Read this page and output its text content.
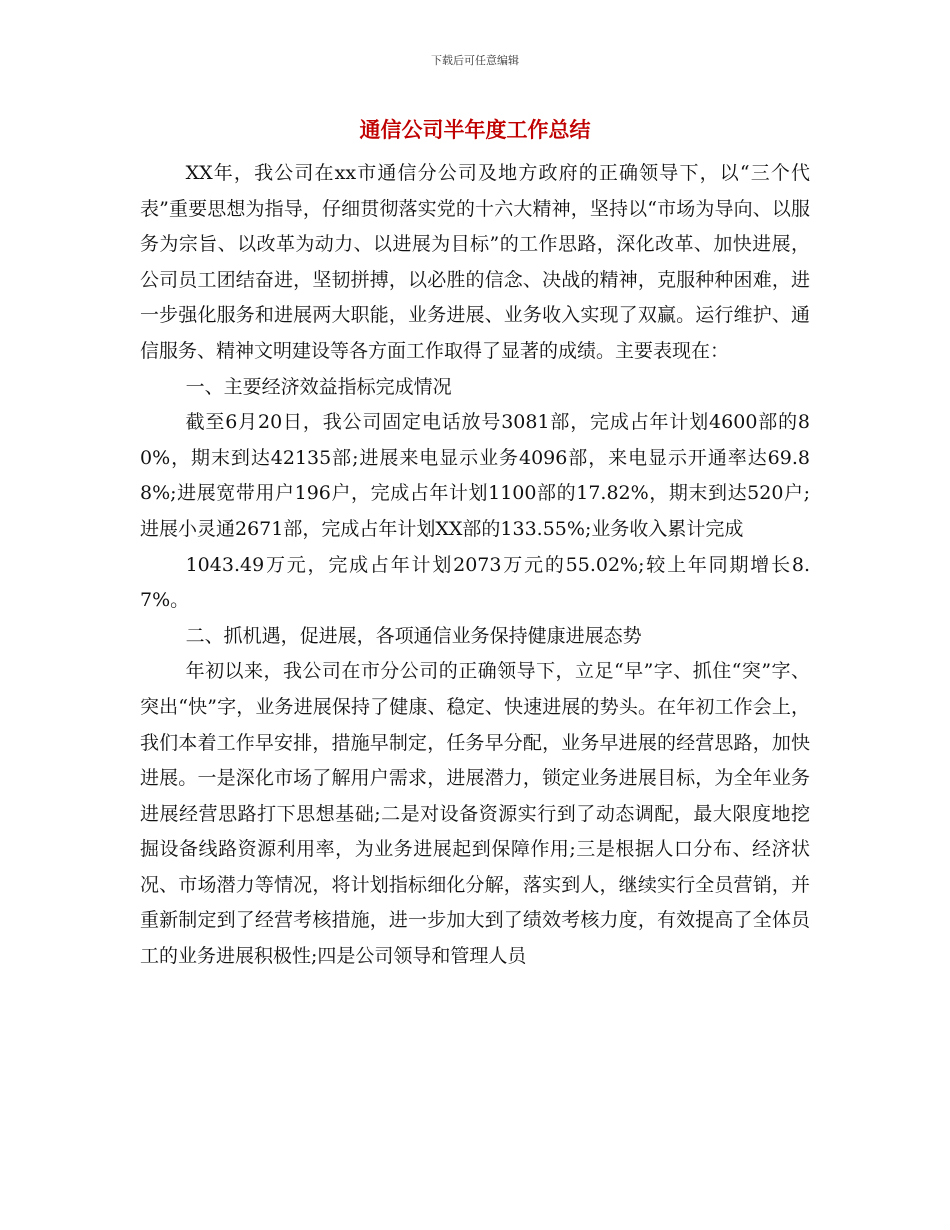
下载后可任意编辑
通信公司半年度工作总结

XX年，我公司在xx市通信分公司及地方政府的正确领导下，以“三个代表”重要思想为指导，仔细贯彻落实党的十六大精神，坚持以“市场为导向、以服务为宗旨、以改革为动力、以进展为目标”的工作思路，深化改革、加快进展，公司员工团结奋进，坚韧拼搏，以必胜的信念、决战的精神，克服种种困难，进一步强化服务和进展两大职能，业务进展、业务收入实现了双赢。运行维护、通信服务、精神文明建设等各方面工作取得了显著的成绩。主要表现在：

一、主要经济效益指标完成情况

截至6月20日，我公司固定电话放号3081部，完成占年计划4600部的80%，期末到达42135部;进展来电显示业务4096部，来电显示开通率达69.88%;进展宽带用户196户，完成占年计划1100部的17.82%，期末到达520户;进展小灵通2671部，完成占年计划XX部的133.55%;业务收入累计完成

1043.49万元，完成占年计划2073万元的55.02%;较上年同期增长8.7%。

二、抓机遇，促进展，各项通信业务保持健康进展态势

年初以来，我公司在市分公司的正确领导下，立足“早”字、抓住“突”字、突出“快”字，业务进展保持了健康、稳定、快速进展的势头。在年初工作会上，我们本着工作早安排，措施早制定，任务早分配，业务早进展的经营思路，加快进展。一是深化市场了解用户需求，进展潜力，锁定业务进展目标，为全年业务进展经营思路打下思想基础;二是对设备资源实行到了动态调配，最大限度地挖掘设备线路资源利用率，为业务进展起到保障作用;三是根据人口分布、经济状况、市场潜力等情况，将计划指标细化分解，落实到人，继续实行全员营销，并重新制定到了经营考核措施，进一步加大到了绩效考核力度，有效提高了全体员工的业务进展积极性;四是公司领导和管理人员
